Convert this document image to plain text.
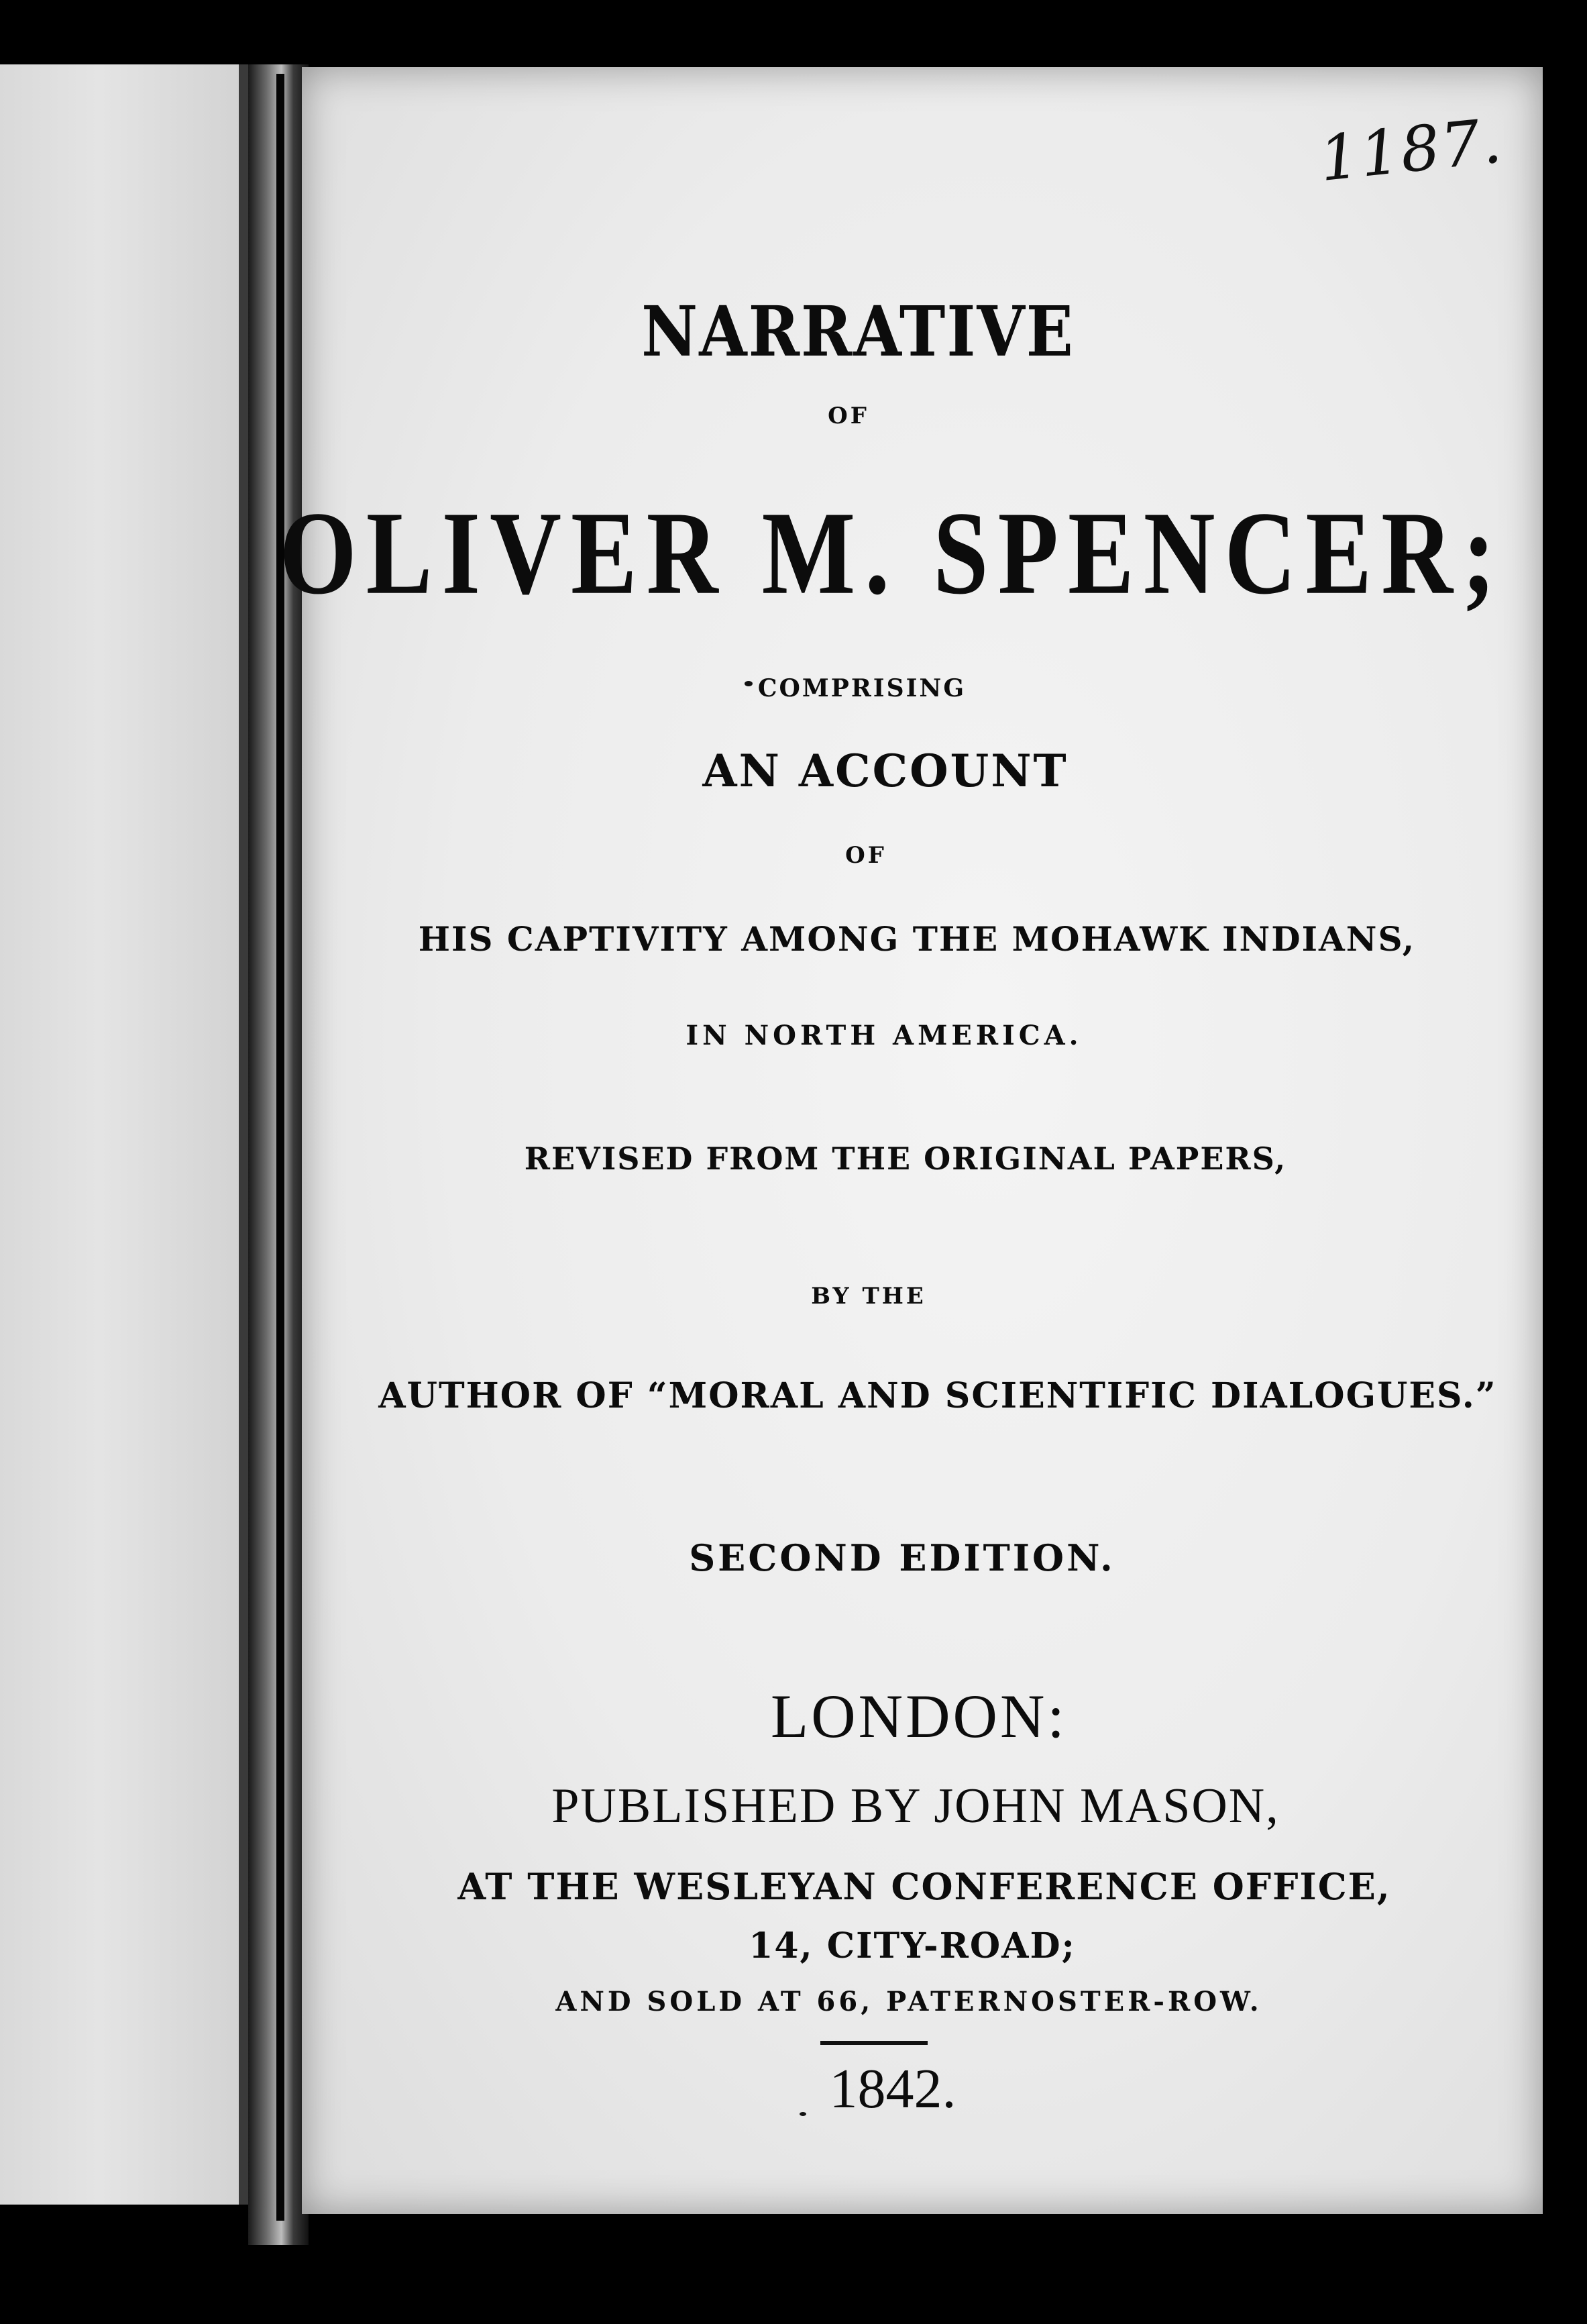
1187.
NARRATIVE
OF
OLIVER M. SPENCER;
COMPRISING
AN ACCOUNT
OF
HIS CAPTIVITY AMONG THE MOHAWK INDIANS,
IN NORTH AMERICA.
REVISED FROM THE ORIGINAL PAPERS,
BY THE
AUTHOR OF “MORAL AND SCIENTIFIC DIALOGUES.”
SECOND EDITION.
LONDON:
PUBLISHED BY JOHN MASON,
AT THE WESLEYAN CONFERENCE OFFICE,
14, CITY-ROAD;
AND SOLD AT 66, PATERNOSTER-ROW.
1842.
